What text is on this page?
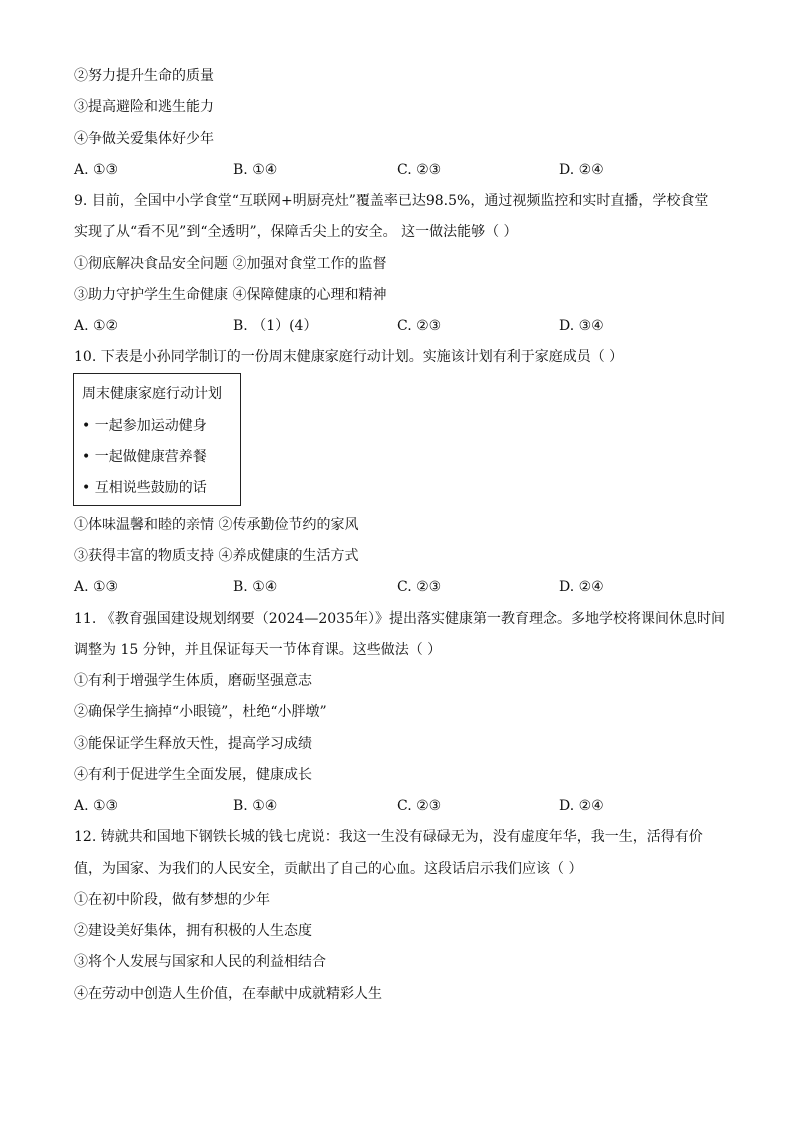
②努力提升生命的质量
③提高避险和逃生能力
④争做关爱集体好少年
A. ①③	B. ①④	C. ②③	D. ②④
9. 目前，全国中小学食堂“互联网+明厨亮灶”覆盖率已达98.5%，通过视频监控和实时直播，学校食堂
实现了从“看不见”到“全透明”，保障舌尖上的安全。 这一做法能够（ ）
①彻底解决食品安全问题 ②加强对食堂工作的监督
③助力守护学生生命健康 ④保障健康的心理和精神
A. ①②	B. （1）(4）	C. ②③	D. ③④
10. 下表是小孙同学制订的一份周末健康家庭行动计划。实施该计划有利于家庭成员（ ）
周末健康家庭行动计划
• 一起参加运动健身
• 一起做健康营养餐
• 互相说些鼓励的话
①体味温馨和睦的亲情 ②传承勤俭节约的家风
③获得丰富的物质支持 ④养成健康的生活方式
A. ①③	B. ①④	C. ②③	D. ②④
11. 《教育强国建设规划纲要（2024—2035年）》提出落实健康第一教育理念。多地学校将课间休息时间
调整为 15 分钟，并且保证每天一节体育课。这些做法（ ）
①有利于增强学生体质，磨砺坚强意志
②确保学生摘掉“小眼镜”，杜绝“小胖墩”
③能保证学生释放天性，提高学习成绩
④有利于促进学生全面发展，健康成长
A. ①③	B. ①④	C. ②③	D. ②④
12. 铸就共和国地下钢铁长城的钱七虎说：我这一生没有碌碌无为，没有虚度年华，我一生，活得有价
值，为国家、为我们的人民安全，贡献出了自己的心血。这段话启示我们应该（ ）
①在初中阶段，做有梦想的少年
②建设美好集体，拥有积极的人生态度
③将个人发展与国家和人民的利益相结合
④在劳动中创造人生价值，在奉献中成就精彩人生
